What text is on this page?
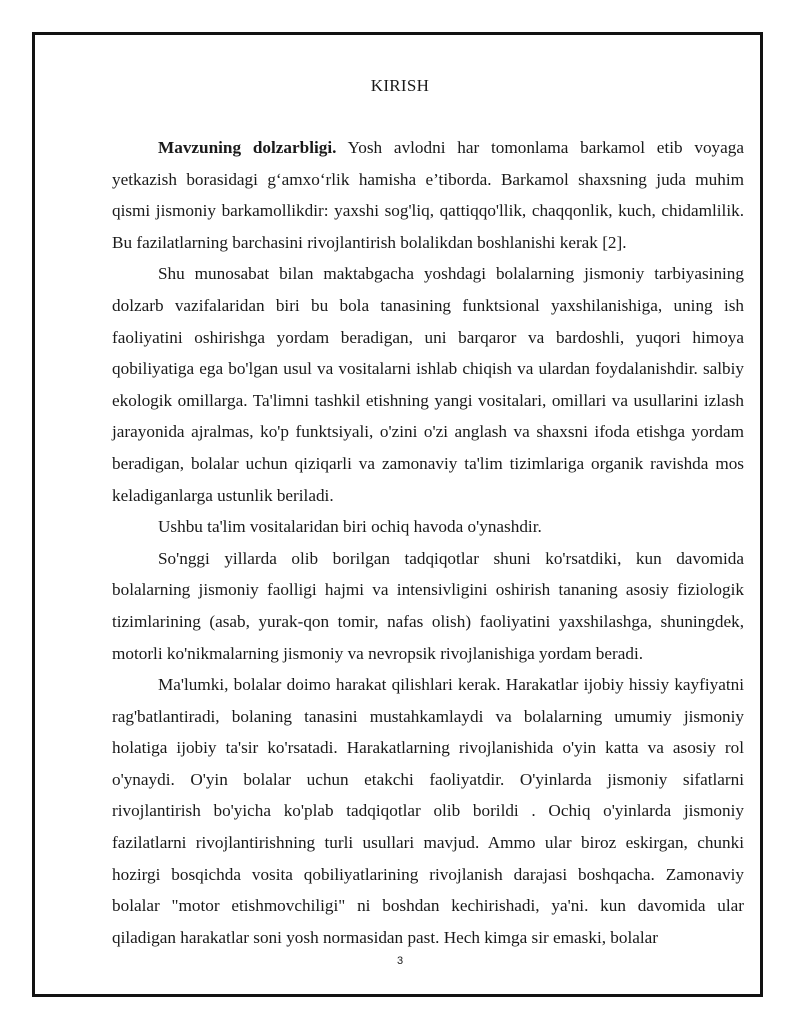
KIRISH

Mavzuning dolzarbligi. Yosh avlodni har tomonlama barkamol etib voyaga yetkazish borasidagi g‘amxo‘rlik hamisha e’tiborda. Barkamol shaxsning juda muhim qismi jismoniy barkamollikdir: yaxshi sog'liq, qattiqqo'llik, chaqqonlik, kuch, chidamlilik. Bu fazilatlarning barchasini rivojlantirish bolalikdan boshlanishi kerak [2].

Shu munosabat bilan maktabgacha yoshdagi bolalarning jismoniy tarbiyasining dolzarb vazifalaridan biri bu bola tanasining funktsional yaxshilanishiga, uning ish faoliyatini oshirishga yordam beradigan, uni barqaror va bardoshli, yuqori himoya qobiliyatiga ega bo'lgan usul va vositalarni ishlab chiqish va ulardan foydalanishdir. salbiy ekologik omillarga. Ta'limni tashkil etishning yangi vositalari, omillari va usullarini izlash jarayonida ajralmas, ko'p funktsiyali, o'zini o'zi anglash va shaxsni ifoda etishga yordam beradigan, bolalar uchun qiziqarli va zamonaviy ta'lim tizimlariga organik ravishda mos keladiganlarga ustunlik beriladi.

Ushbu ta'lim vositalaridan biri ochiq havoda o'ynashdir.

So'nggi yillarda olib borilgan tadqiqotlar shuni ko'rsatdiki, kun davomida bolalarning jismoniy faolligi hajmi va intensivligini oshirish tananing asosiy fiziologik tizimlarining (asab, yurak-qon tomir, nafas olish) faoliyatini yaxshilashga, shuningdek, motorli ko'nikmalarning jismoniy va nevropsik rivojlanishiga yordam beradi.

Ma'lumki, bolalar doimo harakat qilishlari kerak. Harakatlar ijobiy hissiy kayfiyatni rag'batlantiradi, bolaning tanasini mustahkamlaydi va bolalarning umumiy jismoniy holatiga ijobiy ta'sir ko'rsatadi. Harakatlarning rivojlanishida o'yin katta va asosiy rol o'ynaydi. O'yin bolalar uchun etakchi faoliyatdir. O'yinlarda jismoniy sifatlarni rivojlantirish bo'yicha ko'plab tadqiqotlar olib borildi . Ochiq o'yinlarda jismoniy fazilatlarni rivojlantirishning turli usullari mavjud. Ammo ular biroz eskirgan, chunki hozirgi bosqichda vosita qobiliyatlarining rivojlanish darajasi boshqacha. Zamonaviy bolalar "motor etishmovchiligi" ni boshdan kechirishadi, ya'ni. kun davomida ular qiladigan harakatlar soni yosh normasidan past. Hech kimga sir emaski, bolalar

3
